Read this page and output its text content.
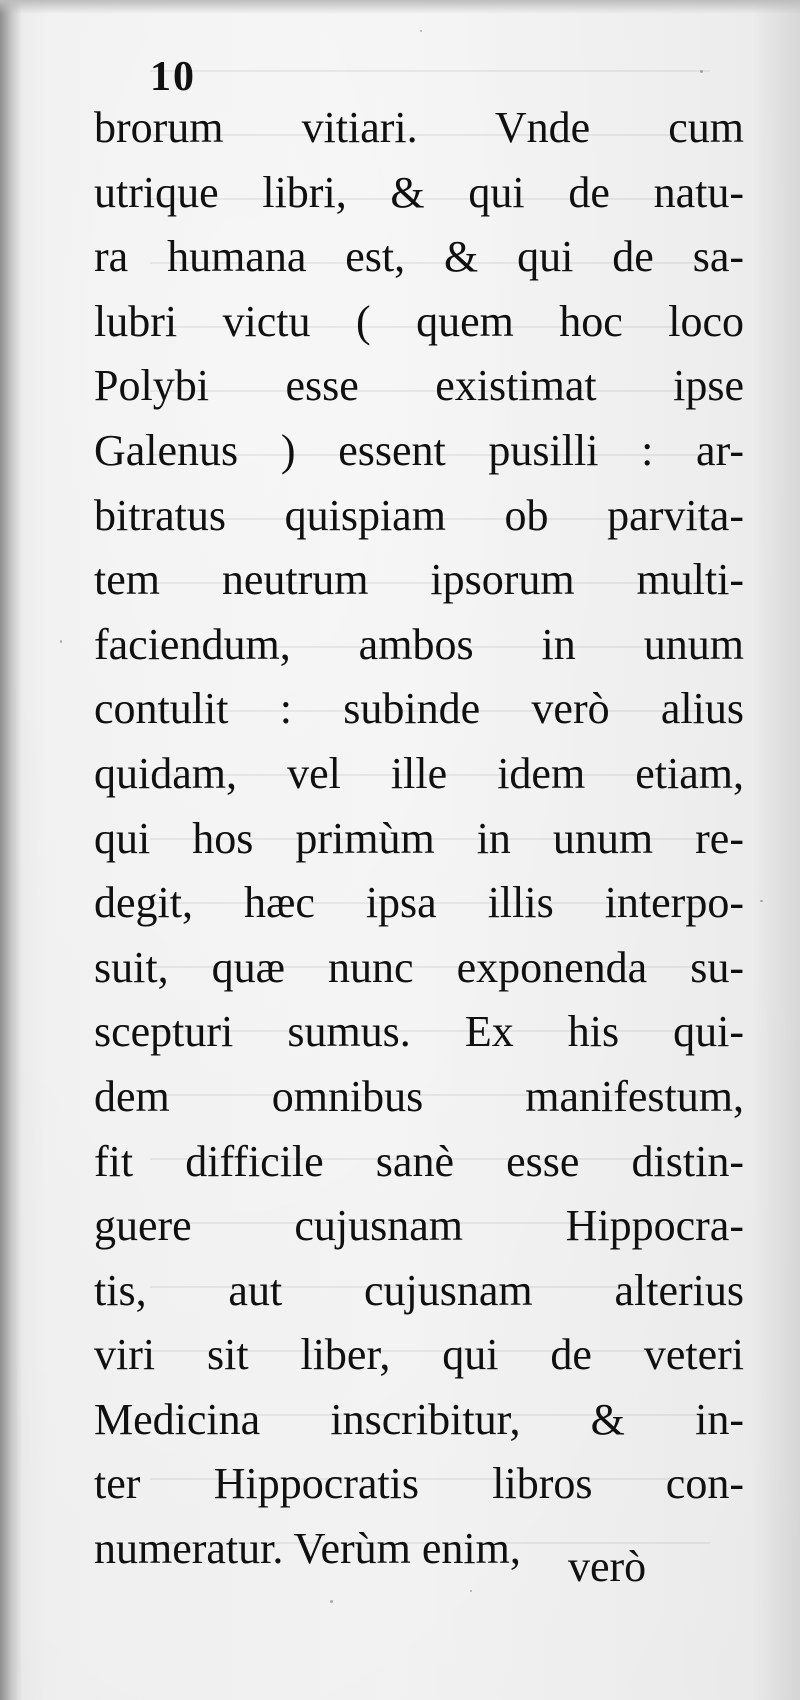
10
brorum vitiari. Vnde cum
utrique libri, & qui de natu-
ra humana est, & qui de sa-
lubri victu ( quem hoc loco
Polybi esse existimat ipse
Galenus ) essent pusilli : ar-
bitratus quispiam ob parvita-
tem neutrum ipsorum multi-
faciendum, ambos in unum
contulit : subinde verò alius
quidam, vel ille idem etiam,
qui hos primùm in unum re-
degit, hæc ipsa illis interpo-
suit, quæ nunc exponenda su-
scepturi sumus. Ex his qui-
dem omnibus manifestum,
fit difficile sanè esse distin-
guere cujusnam Hippocra-
tis, aut cujusnam alterius
viri sit liber, qui de veteri
Medicina inscribitur, & in-
ter Hippocratis libros con-
numeratur. Verùm enim,	verò
